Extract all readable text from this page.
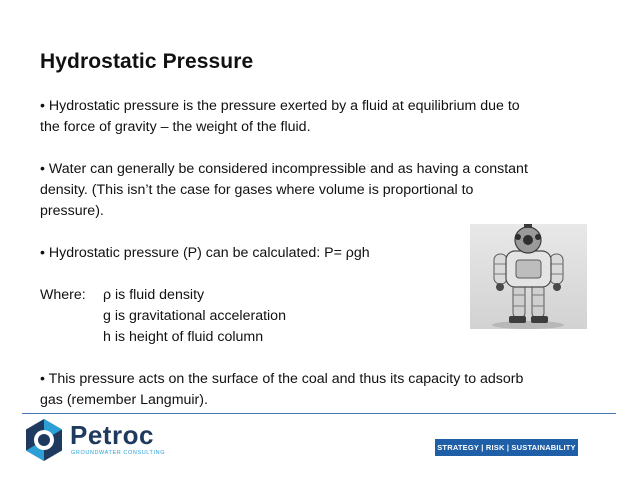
Hydrostatic Pressure

• Hydrostatic pressure is the pressure exerted by a fluid at equilibrium due to

the force of gravity – the weight of the fluid.

• Water can generally be considered incompressible and as having a constant

density. (This isn’t the case for gases where volume is proportional to

pressure).

• Hydrostatic pressure (P) can be calculated: P= ρgh

Where:	ρ is fluid density

g is gravitational acceleration

h is height of fluid column

• This pressure acts on the surface of the coal and thus its capacity to adsorb

gas (remember Langmuir).

Petroc
GROUNDWATER CONSULTING
STRATEGY | RISK | SUSTAINABILITY
